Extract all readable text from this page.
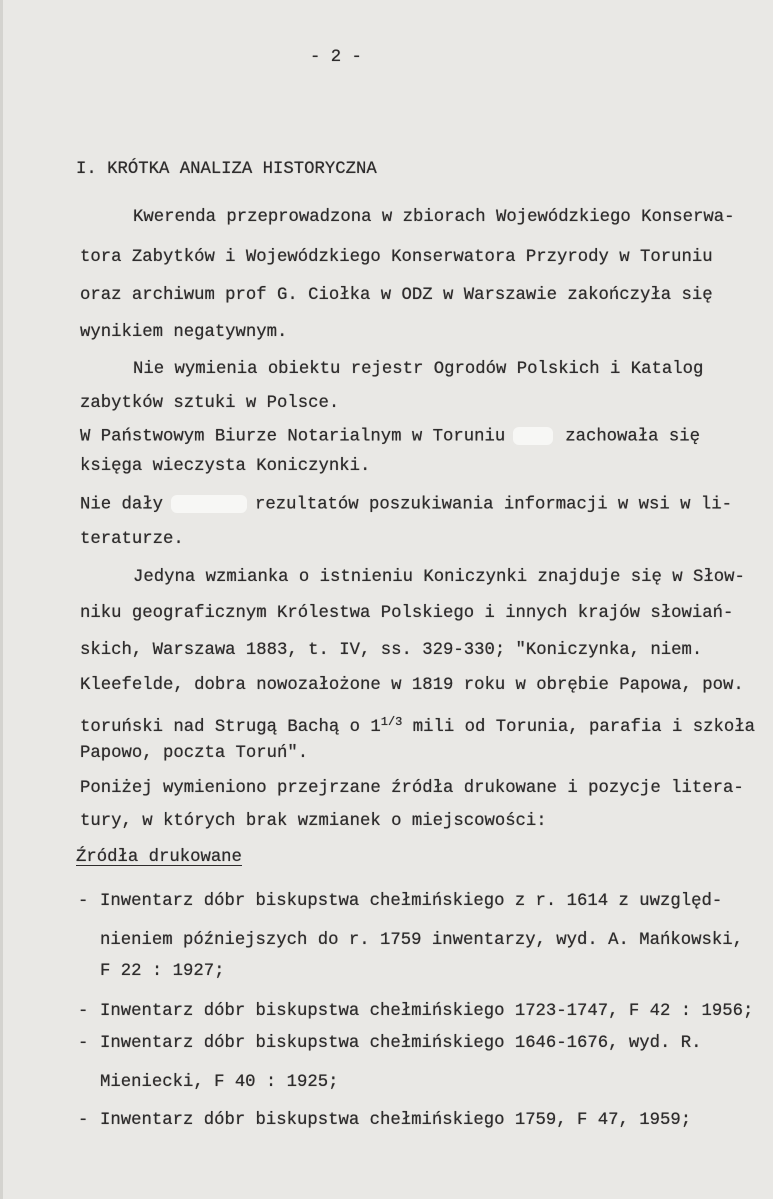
- 2 -
I. KRÓTKA ANALIZA HISTORYCZNA
Kwerenda przeprowadzona w zbiorach Wojewódzkiego Konserwa-
tora Zabytków i Wojewódzkiego Konserwatora Przyrody w Toruniu
oraz archiwum prof G. Ciołka w ODZ w Warszawie zakończyła się
wynikiem negatywnym.
Nie wymienia obiektu rejestr Ogrodów Polskich i Katalog
zabytków sztuki w Polsce.
W Państwowym Biurze Notarialnym w Toruniu	zachowała się
księga wieczysta Koniczynki.
Nie dały	rezultatów poszukiwania informacji w wsi w li-
teraturze.
Jedyna wzmianka o istnieniu Koniczynki znajduje się w Słow-
niku geograficznym Królestwa Polskiego i innych krajów słowiań-
skich, Warszawa 1883, t. IV, ss. 329-330; "Koniczynka, niem.
Kleefelde, dobra nowozałożone w 1819 roku w obrębie Papowa, pow.
toruński nad Strugą Bachą o $1^{1/3}$ mili od Torunia, parafia i szkoła
Papowo, poczta Toruń".
Poniżej wymieniono przejrzane źródła drukowane i pozycje litera-
tury, w których brak wzmianek o miejscowości:
Źródła drukowane
- Inwentarz dóbr biskupstwa chełmińskiego z r. 1614 z uwzględ-
nieniem późniejszych do r. 1759 inwentarzy, wyd. A. Mańkowski,
F 22 : 1927;
- Inwentarz dóbr biskupstwa chełmińskiego 1723-1747, F 42 : 1956;
- Inwentarz dóbr biskupstwa chełmińskiego 1646-1676, wyd. R.
Mieniecki, F 40 : 1925;
- Inwentarz dóbr biskupstwa chełmińskiego 1759, F 47, 1959;
